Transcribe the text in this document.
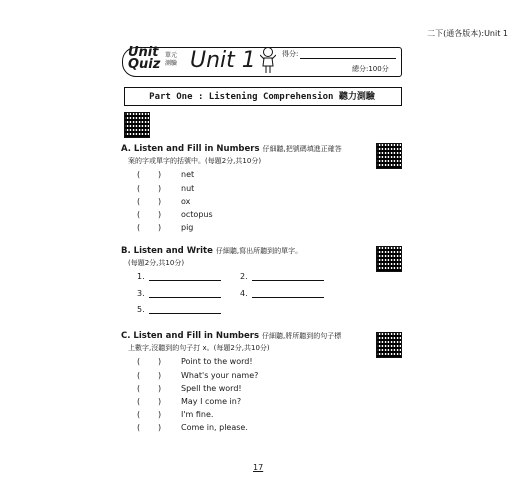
二下(通各版本):Unit 1
Unit
Quiz
單元
測驗 Unit 1	得分:
總分:100分
Part One : Listening Comprehension 聽力測驗
A. Listen and Fill in Numbers 仔細聽,把號碼填進正確答
案的字或單字的括號中。(每題2分,共10分)
( ) net
( ) nut
( ) ox
( ) octopus
( ) pig
B. Listen and Write 仔細聽,寫出所聽到的單字。
(每題2分,共10分)
1.	2.
3.	4.
5.
C. Listen and Fill in Numbers 仔細聽,將所聽到的句子標
上數字,沒聽到的句子打 x。(每題2分,共10分)
( ) Point to the word!
( ) What's your name?
( ) Spell the word!
( ) May I come in?
( ) I'm fine.
( ) Come in, please.
17
